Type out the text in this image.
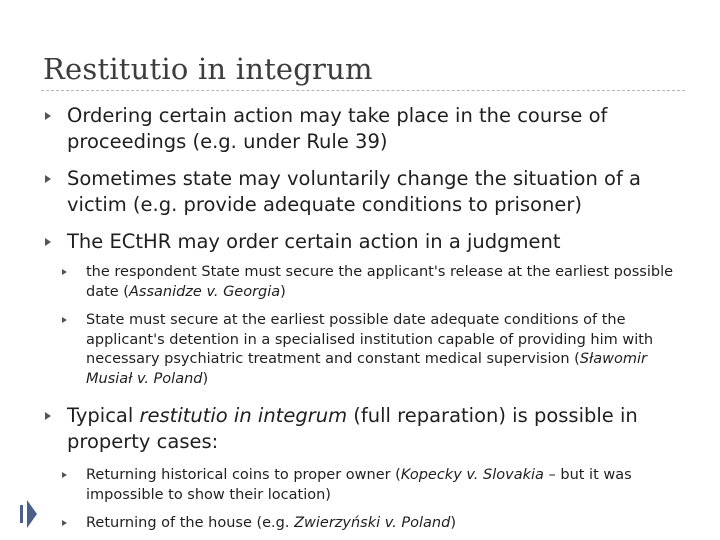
Restitutio in integrum
Ordering certain action may take place in the course of proceedings (e.g. under Rule 39)
Sometimes state may voluntarily change the situation of a victim (e.g. provide adequate conditions to prisoner)
The ECtHR may order certain action in a judgment
the respondent State must secure the applicant's release at the earliest possible date (Assanidze v. Georgia)
State must secure at the earliest possible date adequate conditions of the applicant's detention in a specialised institution capable of providing him with necessary psychiatric treatment and constant medical supervision (Sławomir Musiał v. Poland)
Typical restitutio in integrum (full reparation) is possible in property cases:
Returning historical coins to proper owner (Kopecky v. Slovakia – but it was impossible to show their location)
Returning of the house (e.g. Zwierzyński v. Poland)
